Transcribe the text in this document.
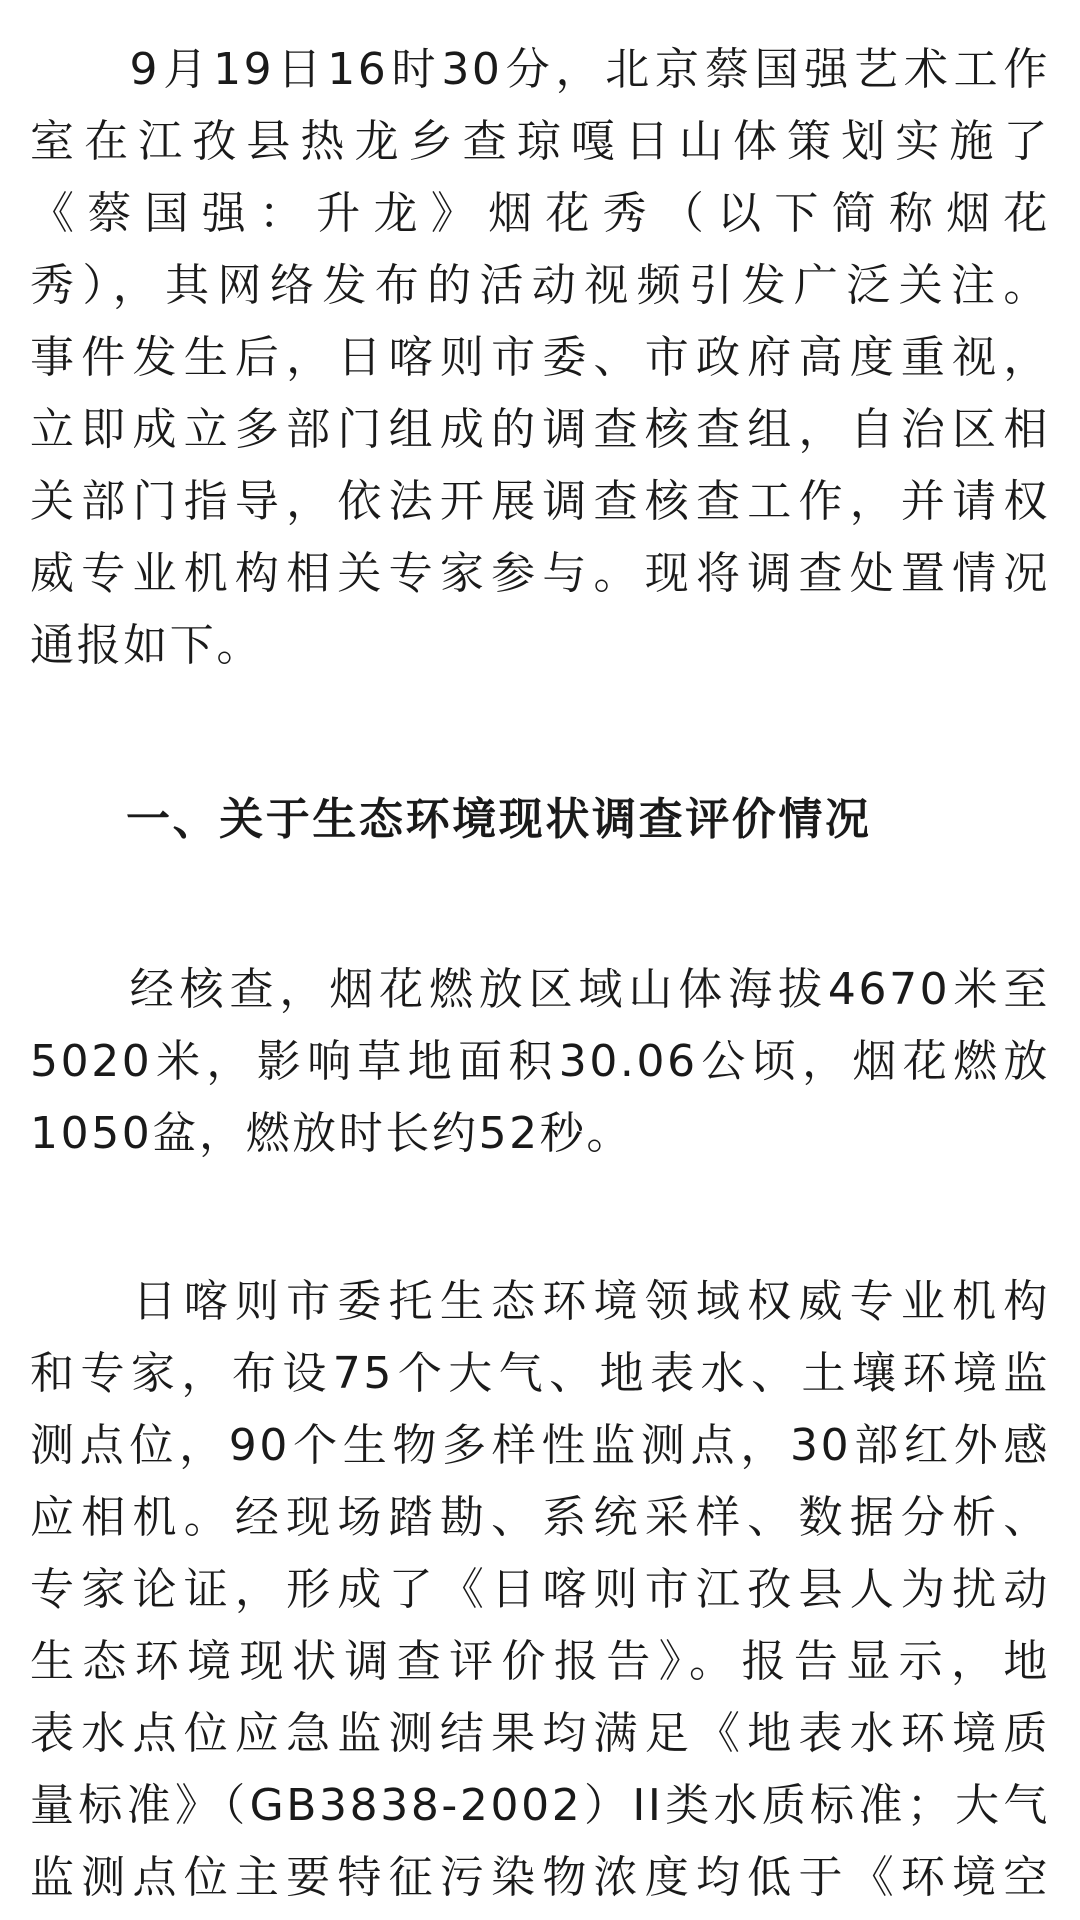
　　9月19日16时30分，北京蔡国强艺术工作
室在江孜县热龙乡查琼嘎日山体策划实施了
《蔡国强：升龙》烟花秀（以下简称烟花
秀），其网络发布的活动视频引发广泛关注。
事件发生后，日喀则市委、市政府高度重视，
立即成立多部门组成的调查核查组，自治区相
关部门指导，依法开展调查核查工作，并请权
威专业机构相关专家参与。现将调查处置情况
通报如下。
一、关于生态环境现状调查评价情况
　　经核查，烟花燃放区域山体海拔4670米至
5020米，影响草地面积30.06公顷，烟花燃放
1050盆，燃放时长约52秒。
　　日喀则市委托生态环境领域权威专业机构
和专家，布设75个大气、地表水、土壤环境监
测点位，90个生物多样性监测点，30部红外感
应相机。经现场踏勘、系统采样、数据分析、
专家论证，形成了《日喀则市江孜县人为扰动
生态环境现状调查评价报告》。报告显示，地
表水点位应急监测结果均满足《地表水环境质
量标准》（GB3838-2002）II类水质标准；大气
监测点位主要特征污染物浓度均低于《环境空
